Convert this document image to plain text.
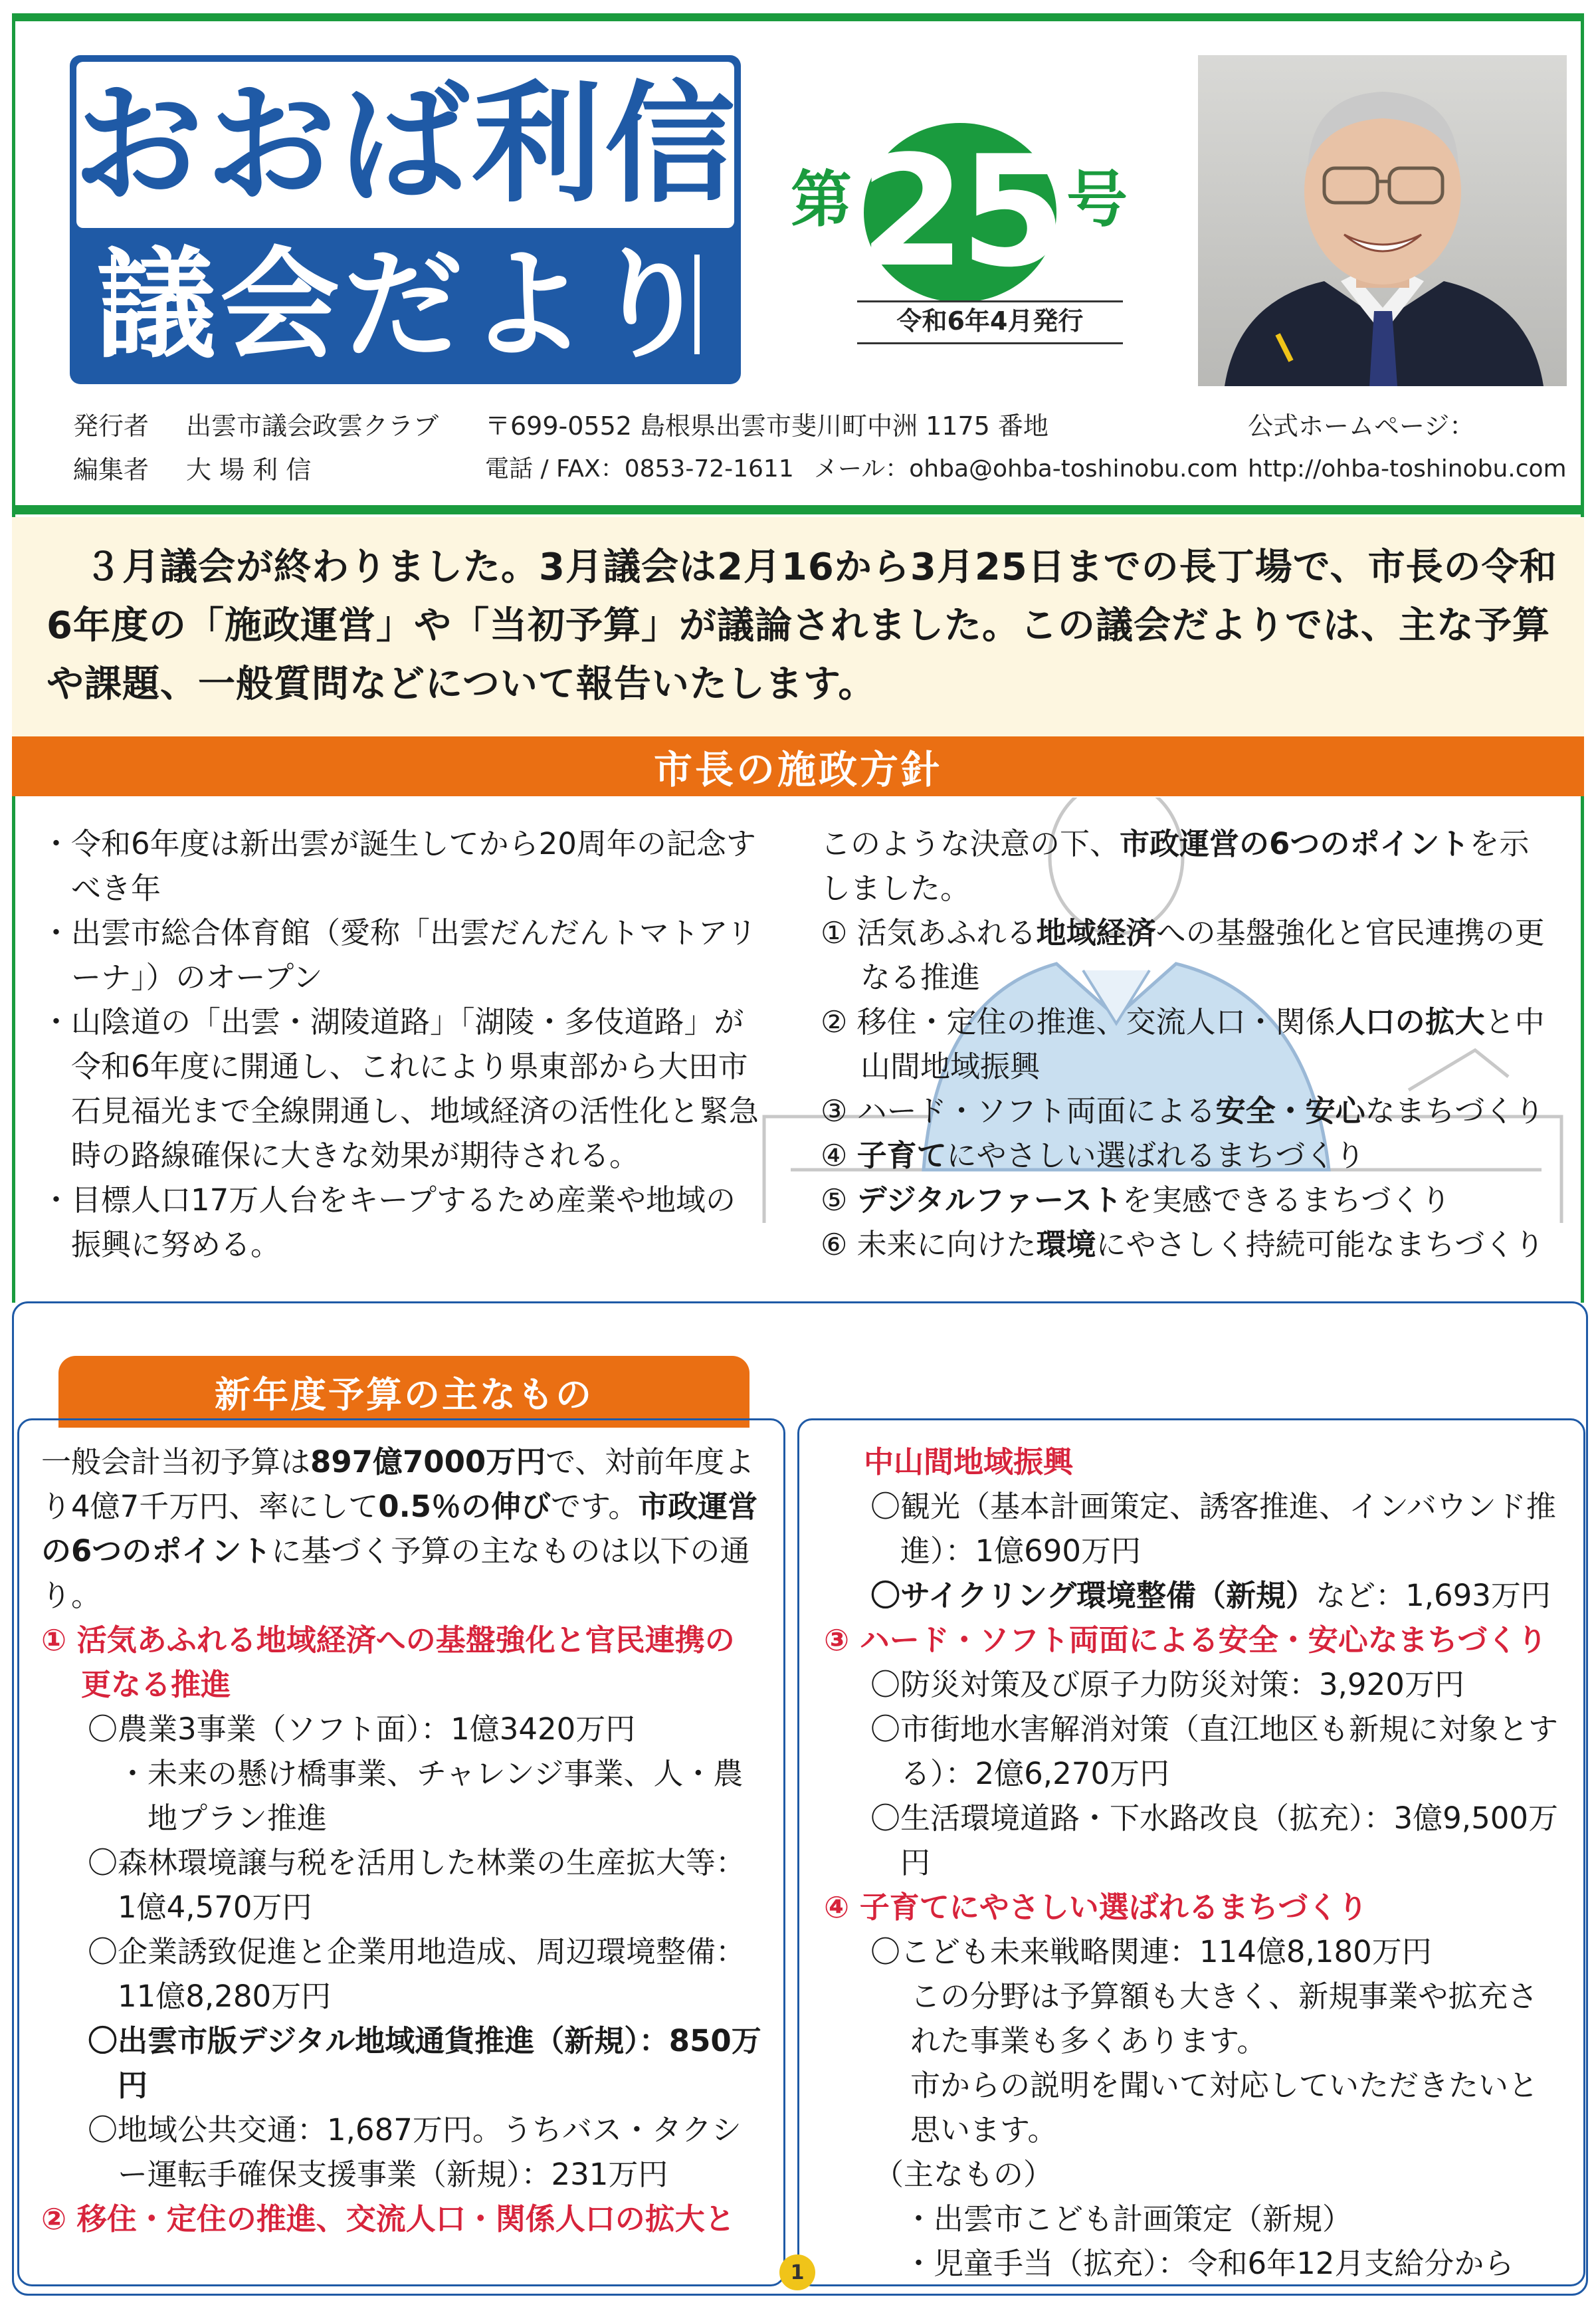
おおば利信
議会だより
第 25 号
令和6年4月発行
発行者 出雲市議会政雲クラブ 〒699-0552 島根県出雲市斐川町中洲 1175 番地	公式ホームページ：
編集者 大 場 利 信	電話 / FAX：0853-72-1611 メール：ohba@ohba-toshinobu.com http://ohba-toshinobu.com

　３月議会が終わりました。3月議会は2月16から3月25日までの長丁場で、市長の令和6年度の「施政運営」や「当初予算」が議論されました。この議会だよりでは、主な予算や課題、一般質問などについて報告いたします。

市長の施政方針

・令和6年度は新出雲が誕生してから20周年の記念すべき年

・出雲市総合体育館（愛称「出雲だんだんトマトアリーナ」）のオープン

・山陰道の「出雲・湖陵道路」「湖陵・多伎道路」が令和6年度に開通し、これにより県東部から大田市石見福光まで全線開通し、地域経済の活性化と緊急時の路線確保に大きな効果が期待される。

・目標人口17万人台をキープするため産業や地域の振興に努める。

このような決意の下、市政運営の6つのポイントを示しました。

① 活気あふれる地域経済への基盤強化と官民連携の更なる推進

② 移住・定住の推進、交流人口・関係人口の拡大と中山間地域振興

③ ハード・ソフト両面による安全・安心なまちづくり

④ 子育てにやさしい選ばれるまちづくり

⑤ デジタルファーストを実感できるまちづくり

⑥ 未来に向けた環境にやさしく持続可能なまちづくり

新年度予算の主なもの

一般会計当初予算は897億7000万円で、対前年度より4億7千万円、率にして0.5％の伸びです。市政運営の6つのポイントに基づく予算の主なものは以下の通り。

① 活気あふれる地域経済への基盤強化と官民連携の更なる推進

〇農業3事業（ソフト面）：1億3420万円

・未来の懸け橋事業、チャレンジ事業、人・農地プラン推進

〇森林環境譲与税を活用した林業の生産拡大等：1億4,570万円

〇企業誘致促進と企業用地造成、周辺環境整備：11億8,280万円

〇出雲市版デジタル地域通貨推進（新規）：850万円

〇地域公共交通：1,687万円。うちバス・タクシー運転手確保支援事業（新規）：231万円

② 移住・定住の推進、交流人口・関係人口の拡大と

中山間地域振興

〇観光（基本計画策定、誘客推進、インバウンド推進）：1億690万円

〇サイクリング環境整備（新規）など：1,693万円

③ ハード・ソフト両面による安全・安心なまちづくり

〇防災対策及び原子力防災対策：3,920万円

〇市街地水害解消対策（直江地区も新規に対象とする）：2億6,270万円

〇生活環境道路・下水路改良（拡充）：3億9,500万円

④ 子育てにやさしい選ばれるまちづくり

〇こども未来戦略関連：114億8,180万円

この分野は予算額も大きく、新規事業や拡充された事業も多くあります。

市からの説明を聞いて対応していただきたいと思います。

（主なもの）

・出雲市こども計画策定（新規）

・児童手当（拡充）：令和6年12月支給分から

1
